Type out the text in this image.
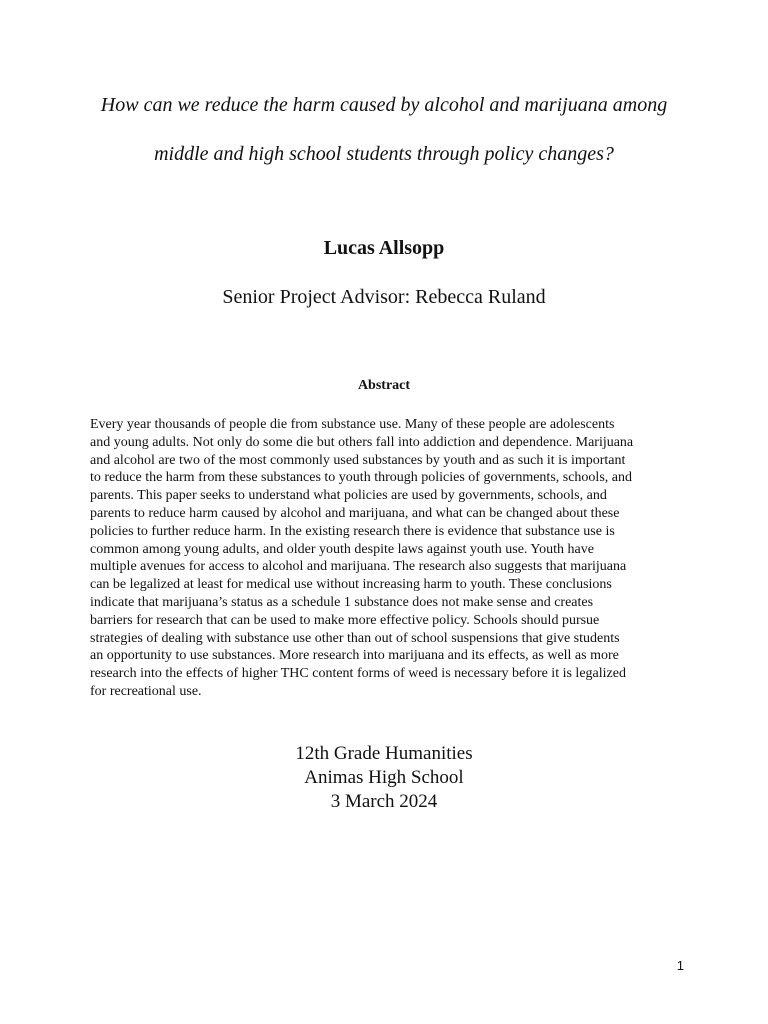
How can we reduce the harm caused by alcohol and marijuana among
middle and high school students through policy changes?
Lucas Allsopp
Senior Project Advisor: Rebecca Ruland
Abstract
Every year thousands of people die from substance use. Many of these people are adolescents
and young adults. Not only do some die but others fall into addiction and dependence. Marijuana
and alcohol are two of the most commonly used substances by youth and as such it is important
to reduce the harm from these substances to youth through policies of governments, schools, and
parents. This paper seeks to understand what policies are used by governments, schools, and
parents to reduce harm caused by alcohol and marijuana, and what can be changed about these
policies to further reduce harm. In the existing research there is evidence that substance use is
common among young adults, and older youth despite laws against youth use. Youth have
multiple avenues for access to alcohol and marijuana. The research also suggests that marijuana
can be legalized at least for medical use without increasing harm to youth. These conclusions
indicate that marijuana’s status as a schedule 1 substance does not make sense and creates
barriers for research that can be used to make more effective policy. Schools should pursue
strategies of dealing with substance use other than out of school suspensions that give students
an opportunity to use substances. More research into marijuana and its effects, as well as more
research into the effects of higher THC content forms of weed is necessary before it is legalized
for recreational use.
12th Grade Humanities
Animas High School
3 March 2024
1
